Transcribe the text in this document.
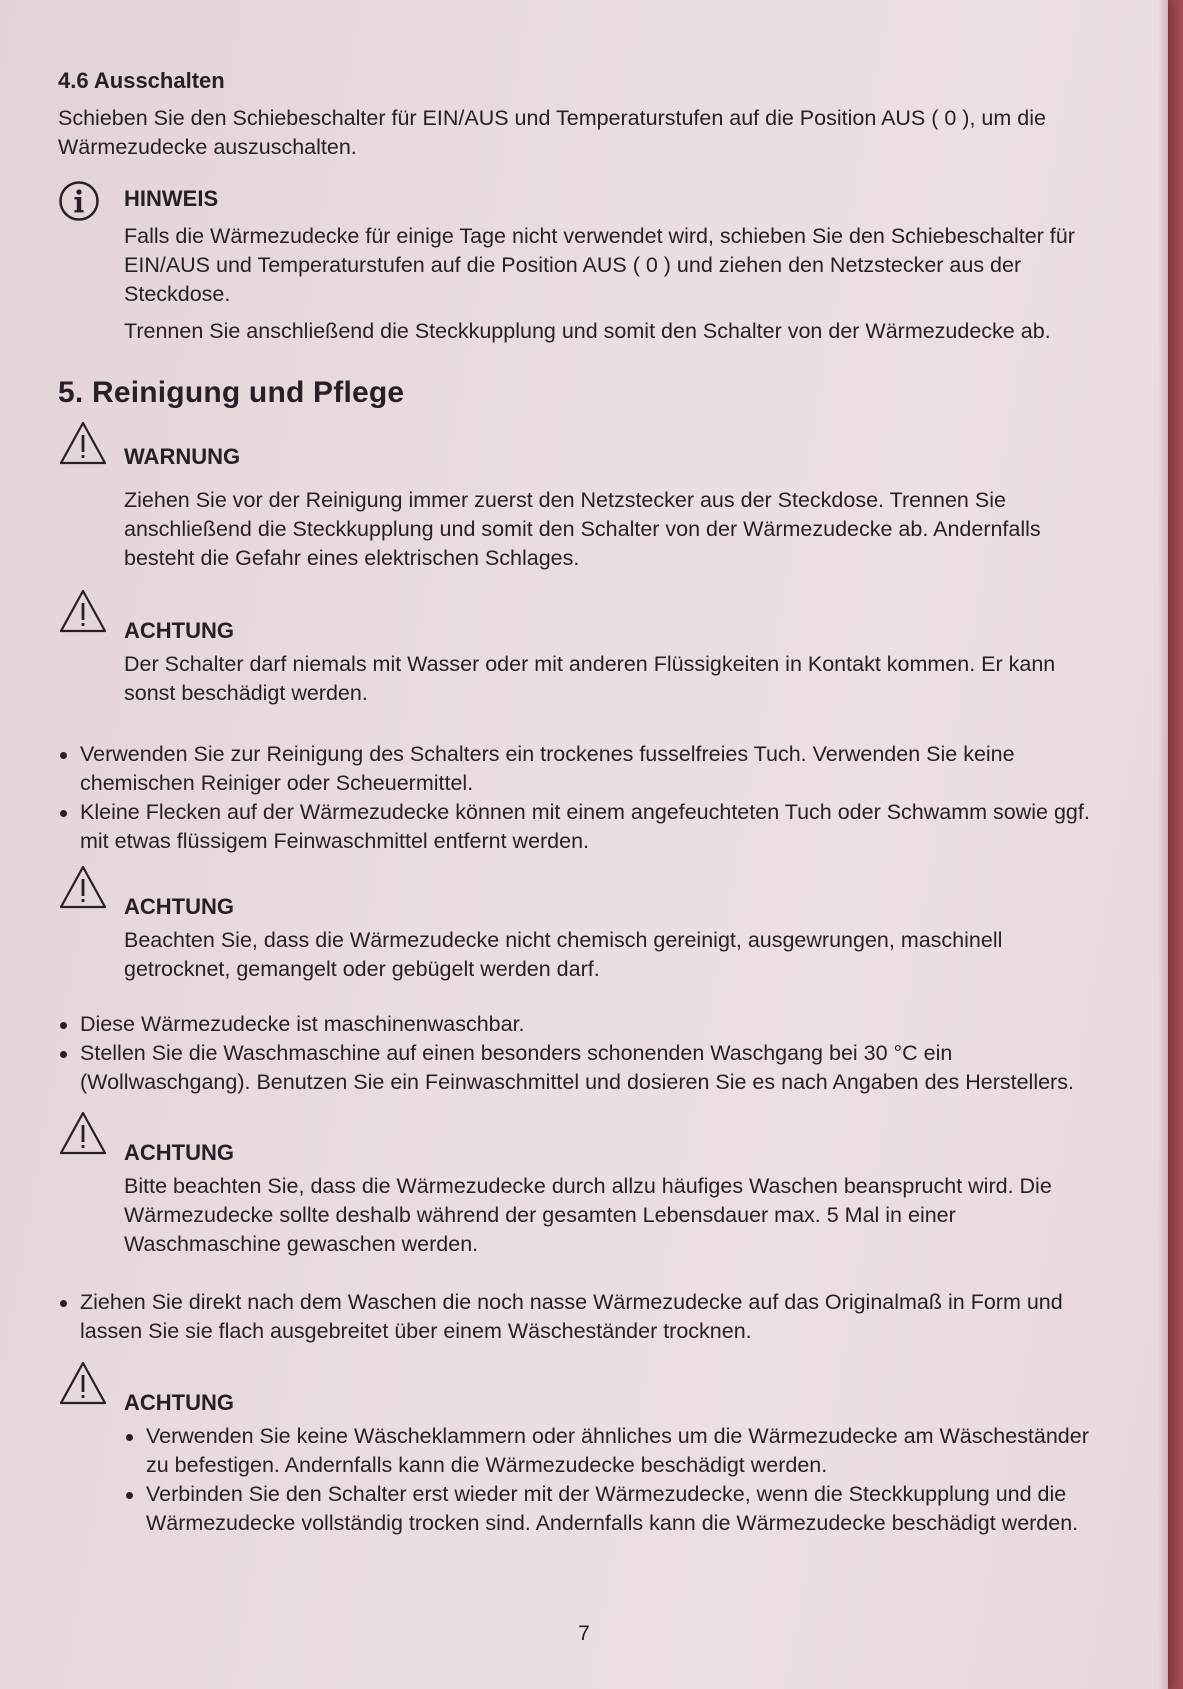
4.6 Ausschalten

Schieben Sie den Schiebeschalter für EIN/AUS und Temperaturstufen auf die Position AUS ( 0 ), um die Wärmezudecke auszuschalten.

HINWEIS

Falls die Wärmezudecke für einige Tage nicht verwendet wird, schieben Sie den Schiebeschalter für EIN/AUS und Temperaturstufen auf die Position AUS ( 0 ) und ziehen den Netzstecker aus der Steckdose.

Trennen Sie anschließend die Steckkupplung und somit den Schalter von der Wärmezudecke ab.

5. Reinigung und Pflege

WARNUNG

Ziehen Sie vor der Reinigung immer zuerst den Netzstecker aus der Steckdose. Trennen Sie anschließend die Steckkupplung und somit den Schalter von der Wärmezudecke ab. Andernfalls besteht die Gefahr eines elektrischen Schlages.

ACHTUNG

Der Schalter darf niemals mit Wasser oder mit anderen Flüssigkeiten in Kontakt kommen. Er kann sonst beschädigt werden.

Verwenden Sie zur Reinigung des Schalters ein trockenes fusselfreies Tuch. Verwenden Sie keine chemischen Reiniger oder Scheuermittel.
Kleine Flecken auf der Wärmezudecke können mit einem angefeuchteten Tuch oder Schwamm sowie ggf. mit etwas flüssigem Feinwaschmittel entfernt werden.
ACHTUNG

Beachten Sie, dass die Wärmezudecke nicht chemisch gereinigt, ausgewrungen, maschinell getrocknet, gemangelt oder gebügelt werden darf.

Diese Wärmezudecke ist maschinenwaschbar.
Stellen Sie die Waschmaschine auf einen besonders schonenden Waschgang bei 30 °C ein (Wollwaschgang). Benutzen Sie ein Feinwaschmittel und dosieren Sie es nach Angaben des Herstellers.
ACHTUNG

Bitte beachten Sie, dass die Wärmezudecke durch allzu häufiges Waschen beansprucht wird. Die Wärmezudecke sollte deshalb während der gesamten Lebensdauer max. 5 Mal in einer Waschmaschine gewaschen werden.

Ziehen Sie direkt nach dem Waschen die noch nasse Wärmezudecke auf das Originalmaß in Form und lassen Sie sie flach ausgebreitet über einem Wäscheständer trocknen.
ACHTUNG
Verwenden Sie keine Wäscheklammern oder ähnliches um die Wärmezudecke am Wäscheständer zu befestigen. Andernfalls kann die Wärmezudecke beschädigt werden.
Verbinden Sie den Schalter erst wieder mit der Wärmezudecke, wenn die Steckkupplung und die Wärmezudecke vollständig trocken sind. Andernfalls kann die Wärmezudecke beschädigt werden.
7
